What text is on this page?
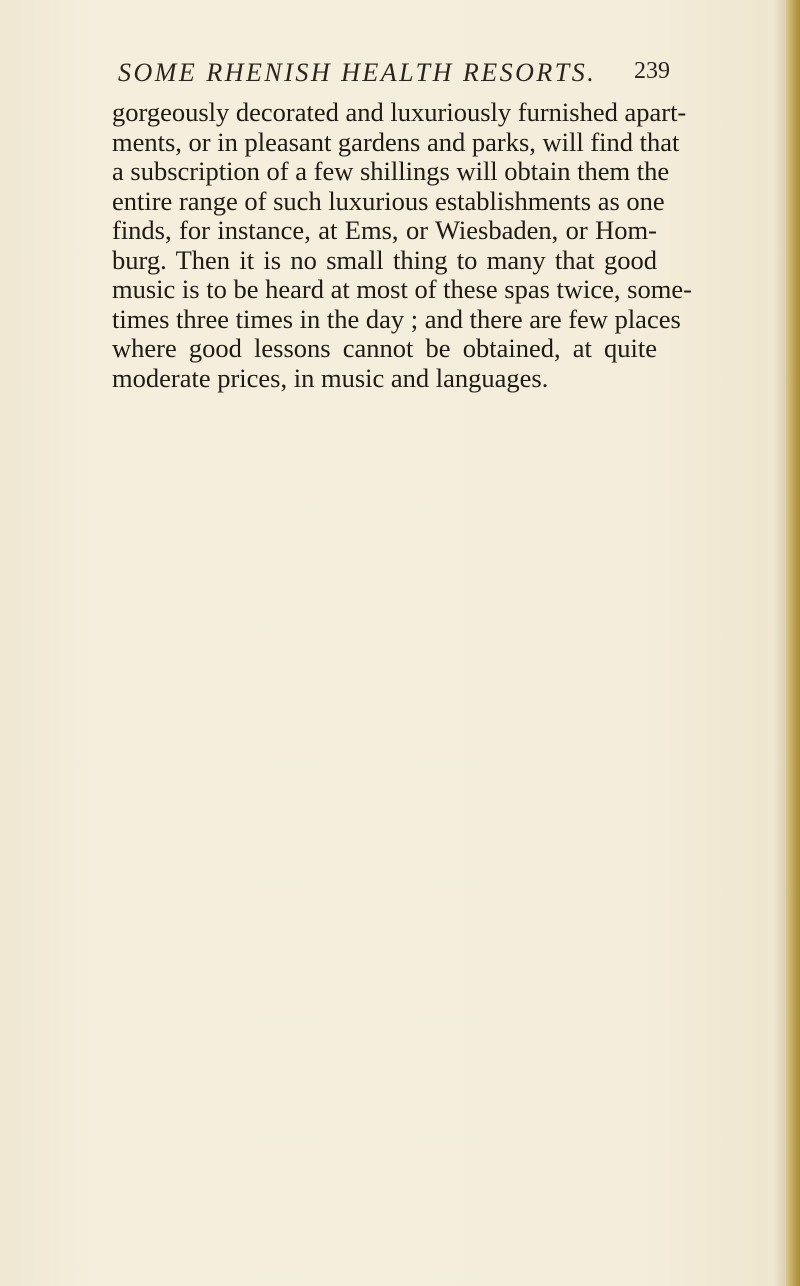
SOME RHENISH HEALTH RESORTS. 239
gorgeously decorated and luxuriously furnished apart-
ments, or in pleasant gardens and parks, will find that
a subscription of a few shillings will obtain them the
entire range of such luxurious establishments as one
finds, for instance, at Ems, or Wiesbaden, or Hom-
burg. Then it is no small thing to many that good
music is to be heard at most of these spas twice, some-
times three times in the day ; and there are few places
where good lessons cannot be obtained, at quite
moderate prices, in music and languages.
